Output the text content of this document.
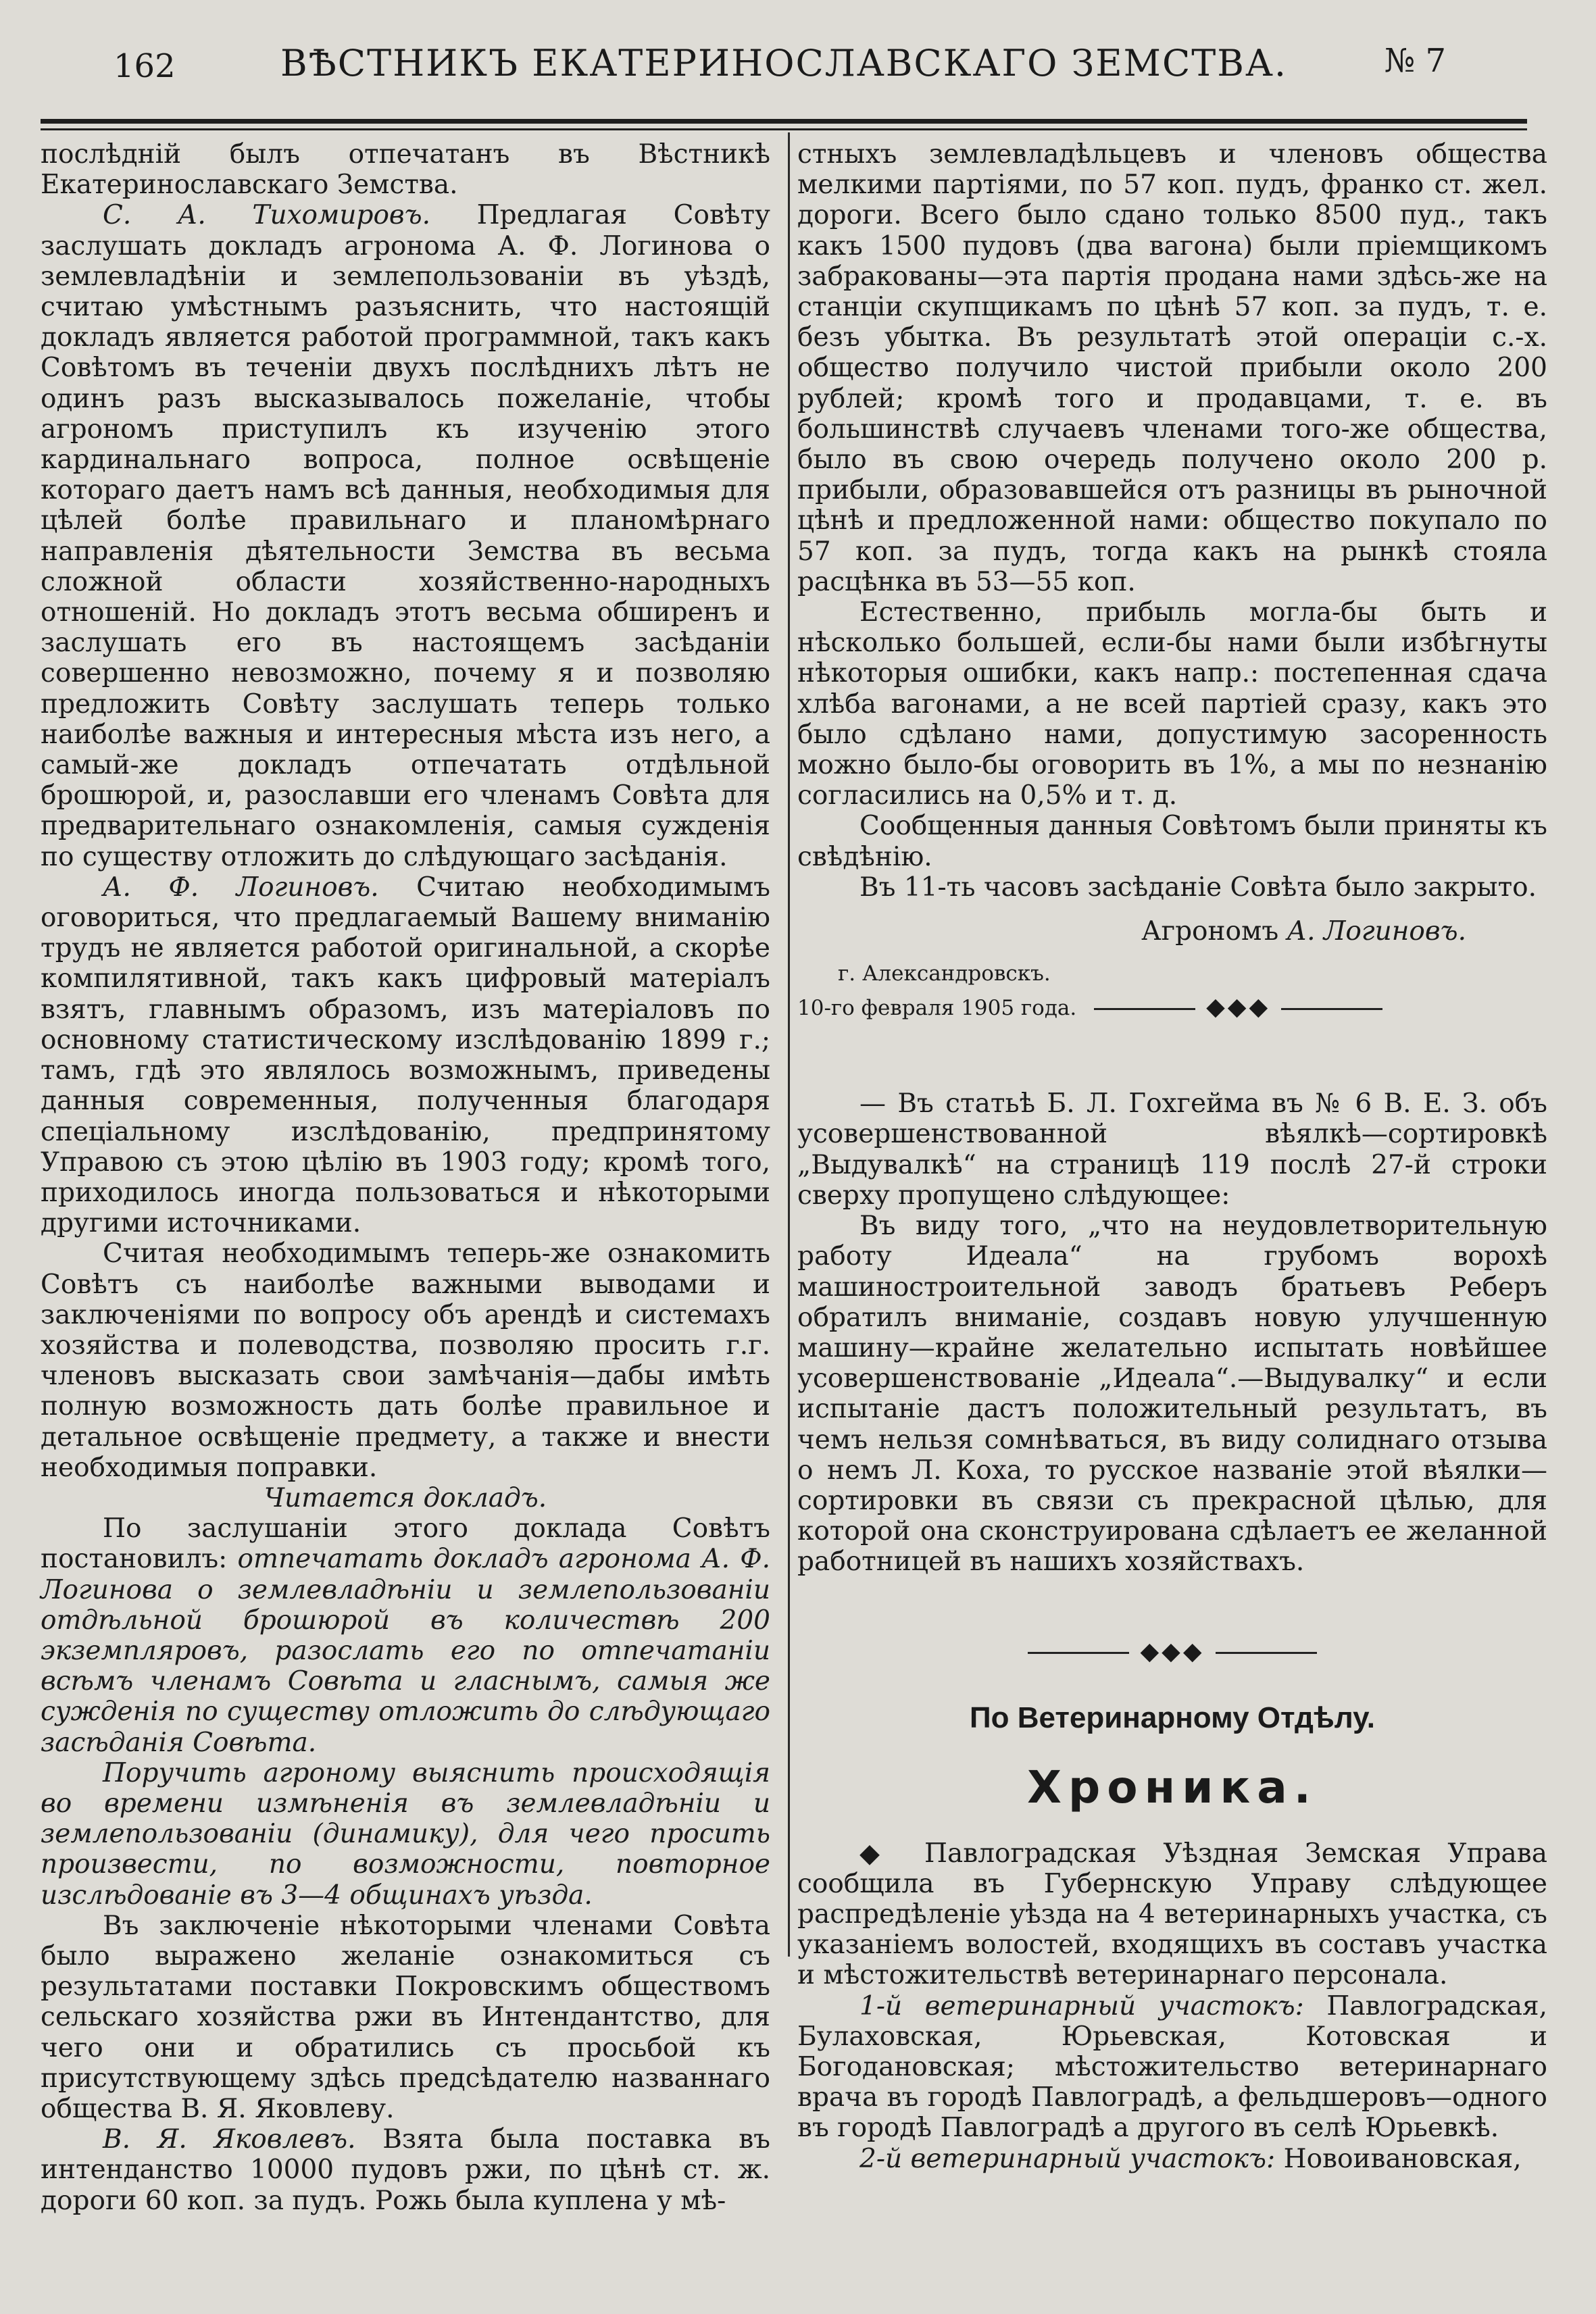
162	ВѢСТНИКЪ ЕКАТЕРИНОСЛАВСКАГО ЗЕМСТВА.	№ 7

послѣдній былъ отпечатанъ въ Вѣстникѣ Екатеринославскаго Земства.

С. А. Тихомировъ. Предлагая Совѣту заслушать докладъ агронома А. Ф. Логинова о землевладѣніи и землепользованіи въ уѣздѣ, считаю умѣстнымъ разъяснить, что настоящій докладъ является работой программной, такъ какъ Совѣтомъ въ теченіи двухъ послѣднихъ лѣтъ не одинъ разъ высказывалось пожеланіе, чтобы агрономъ приступилъ къ изученію этого кардинальнаго вопроса, полное освѣщеніе котораго даетъ намъ всѣ данныя, необходимыя для цѣлей болѣе правильнаго и планомѣрнаго направленія дѣятельности Земства въ весьма сложной области хозяйственно-народныхъ отношеній. Но докладъ этотъ весьма обширенъ и заслушать его въ настоящемъ засѣданіи совершенно невозможно, почему я и позволяю предложить Совѣту заслушать теперь только наиболѣе важныя и интересныя мѣста изъ него, а самый-же докладъ отпечатать отдѣльной брошюрой, и, разославши его членамъ Совѣта для предварительнаго ознакомленія, самыя сужденія по существу отложить до слѣдующаго засѣданія.

А. Ф. Логиновъ. Считаю необходимымъ оговориться, что предлагаемый Вашему вниманію трудъ не является работой оригинальной, а скорѣе компилятивной, такъ какъ цифровый матеріалъ взятъ, главнымъ образомъ, изъ матеріаловъ по основному статистическому изслѣдованію 1899 г.; тамъ, гдѣ это являлось возможнымъ, приведены данныя современныя, полученныя благодаря спеціальному изслѣдованію, предпринятому Управою съ этою цѣлію въ 1903 году; кромѣ того, приходилось иногда пользоваться и нѣкоторыми другими источниками.

Считая необходимымъ теперь-же ознакомить Совѣтъ съ наиболѣе важными выводами и заключеніями по вопросу объ арендѣ и системахъ хозяйства и полеводства, позволяю просить г.г. членовъ высказать свои замѣчанія—дабы имѣть полную возможность дать болѣе правильное и детальное освѣщеніе предмету, а также и внести необходимыя поправки.

Читается докладъ.

По заслушаніи этого доклада Совѣтъ постановилъ: отпечатать докладъ агронома А. Ф. Логинова о землевладѣніи и землепользованіи отдѣльной брошюрой въ количествѣ 200 экземпляровъ, разослать его по отпечатаніи всѣмъ членамъ Совѣта и гласнымъ, самыя же сужденія по существу отложить до слѣдующаго засѣданія Совѣта.

Поручить агроному выяснить происходящія во времени измѣненія въ землевладѣніи и землепользованіи (динамику), для чего просить произвести, по возможности, повторное изслѣдованіе въ 3—4 общинахъ уѣзда.

Въ заключеніе нѣкоторыми членами Совѣта было выражено желаніе ознакомиться съ результатами поставки Покровскимъ обществомъ сельскаго хозяйства ржи въ Интендантство, для чего они и обратились съ просьбой къ присутствующему здѣсь предсѣдателю названнаго общества В. Я. Яковлеву.

В. Я. Яковлевъ. Взята была поставка въ интенданство 10000 пудовъ ржи, по цѣнѣ ст. ж. дороги 60 коп. за пудъ. Рожь была куплена у мѣ-

стныхъ землевладѣльцевъ и членовъ общества мелкими партіями, по 57 коп. пудъ, франко ст. жел. дороги. Всего было сдано только 8500 пуд., такъ какъ 1500 пудовъ (два вагона) были пріемщикомъ забракованы—эта партія продана нами здѣсь-же на станціи скупщикамъ по цѣнѣ 57 коп. за пудъ, т. е. безъ убытка. Въ результатѣ этой операціи с.-х. общество получило чистой прибыли около 200 рублей; кромѣ того и продавцами, т. е. въ большинствѣ случаевъ членами того-же общества, было въ свою очередь получено около 200 р. прибыли, образовавшейся отъ разницы въ рыночной цѣнѣ и предложенной нами: общество покупало по 57 коп. за пудъ, тогда какъ на рынкѣ стояла расцѣнка въ 53—55 коп.

Естественно, прибыль могла-бы быть и нѣсколько большей, если-бы нами были избѣгнуты нѣкоторыя ошибки, какъ напр.: постепенная сдача хлѣба вагонами, а не всей партіей сразу, какъ это было сдѣлано нами, допустимую засоренность можно было-бы оговорить въ 1%, а мы по незнанію согласились на 0,5% и т. д.

Сообщенныя данныя Совѣтомъ были приняты къ свѣдѣнію.

Въ 11-ть часовъ засѣданіе Совѣта было закрыто.

Агрономъ А. Логиновъ.

г. Александровскъ.

10-го февраля 1905 года.	◆◆◆

— Въ статьѣ Б. Л. Гохгеймa въ № 6 В. Е. З. объ усовершенствованной вѣялкѣ—сортировкѣ „Выдувалкѣ“ на страницѣ 119 послѣ 27-й строки сверху пропущено слѣдующее:

Въ виду того, „что на неудовлетворительную работу Идеала“ на грубомъ ворохѣ машиностроительной заводъ братьевъ Реберъ обратилъ вниманіе, создавъ новую улучшенную машину—крайне желательно испытать новѣйшее усовершенствованіе „Идеала“.—Выдувалку“ и если испытаніе дастъ положительный результатъ, въ чемъ нельзя сомнѣваться, въ виду солиднаго отзыва о немъ Л. Коха, то русское названіе этой вѣялки—сортировки въ связи съ прекрасной цѣлью, для которой она сконструирована сдѣлаетъ ее желанной работницей въ нашихъ хозяйствахъ.

◆◆◆
По Ветеринарному Отдѣлу.
Хроника.

◆ Павлоградская Уѣздная Земская Управа сообщила въ Губернскую Управу слѣдующее распредѣленіе уѣзда на 4 ветеринарныхъ участка, съ указаніемъ волостей, входящихъ въ составъ участка и мѣстожительствѣ ветеринарнаго персонала.

1-й ветеринарный участокъ: Павлоградская, Булаховская, Юрьевская, Котовская и Богодановская; мѣстожительство ветеринарнаго врача въ городѣ Павлоградѣ, а фельдшеровъ—одного въ городѣ Павлоградѣ а другого въ селѣ Юрьевкѣ.

2-й ветеринарный участокъ: Новоивановская,
